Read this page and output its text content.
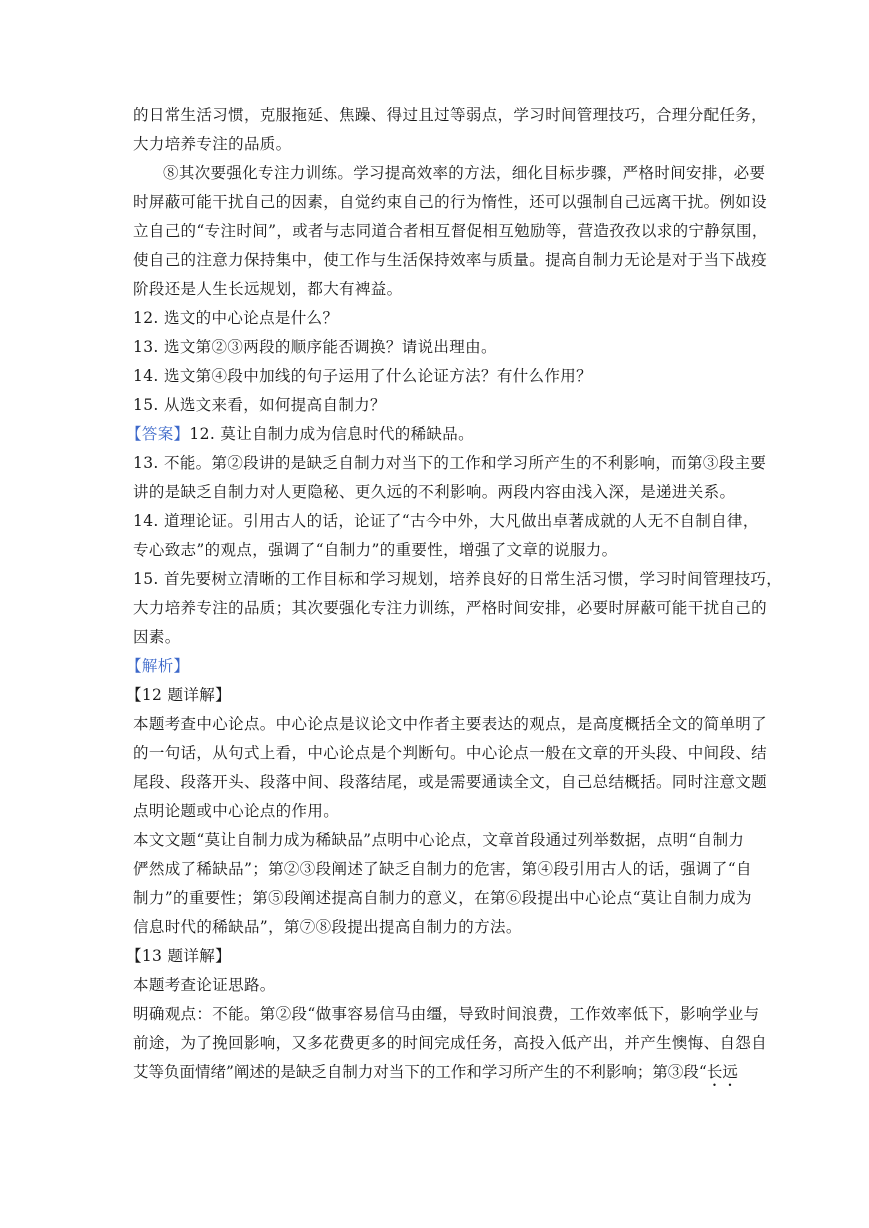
的日常生活习惯，克服拖延、焦躁、得过且过等弱点，学习时间管理技巧，合理分配任务，
大力培养专注的品质。
⑧其次要强化专注力训练。学习提高效率的方法，细化目标步骤，严格时间安排，必要
时屏蔽可能干扰自己的因素，自觉约束自己的行为惰性，还可以强制自己远离干扰。例如设
立自己的“专注时间”，或者与志同道合者相互督促相互勉励等，营造孜孜以求的宁静氛围，
使自己的注意力保持集中，使工作与生活保持效率与质量。提高自制力无论是对于当下战疫
阶段还是人生长远规划，都大有裨益。
12. 选文的中心论点是什么？
13. 选文第②③两段的顺序能否调换？请说出理由。
14. 选文第④段中加线的句子运用了什么论证方法？有什么作用？
15. 从选文来看，如何提高自制力？
【答案】12. 莫让自制力成为信息时代的稀缺品。
13. 不能。第②段讲的是缺乏自制力对当下的工作和学习所产生的不利影响，而第③段主要
讲的是缺乏自制力对人更隐秘、更久远的不利影响。两段内容由浅入深，是递进关系。
14. 道理论证。引用古人的话，论证了“古今中外，大凡做出卓著成就的人无不自制自律，
专心致志”的观点，强调了“自制力”的重要性，增强了文章的说服力。
15. 首先要树立清晰的工作目标和学习规划，培养良好的日常生活习惯，学习时间管理技巧，
大力培养专注的品质；其次要强化专注力训练，严格时间安排，必要时屏蔽可能干扰自己的
因素。
【解析】
【12 题详解】
本题考查中心论点。中心论点是议论文中作者主要表达的观点，是高度概括全文的简单明了
的一句话，从句式上看，中心论点是个判断句。中心论点一般在文章的开头段、中间段、结
尾段、段落开头、段落中间、段落结尾，或是需要通读全文，自己总结概括。同时注意文题
点明论题或中心论点的作用。
本文文题“莫让自制力成为稀缺品”点明中心论点，文章首段通过列举数据，点明“自制力
俨然成了稀缺品”；第②③段阐述了缺乏自制力的危害，第④段引用古人的话，强调了“自
制力”的重要性；第⑤段阐述提高自制力的意义，在第⑥段提出中心论点“莫让自制力成为
信息时代的稀缺品”，第⑦⑧段提出提高自制力的方法。
【13 题详解】
本题考查论证思路。
明确观点：不能。第②段“做事容易信马由缰，导致时间浪费，工作效率低下，影响学业与
前途，为了挽回影响，又多花费更多的时间完成任务，高投入低产出，并产生懊悔、自怨自
艾等负面情绪”阐述的是缺乏自制力对当下的工作和学习所产生的不利影响；第③段“长远
